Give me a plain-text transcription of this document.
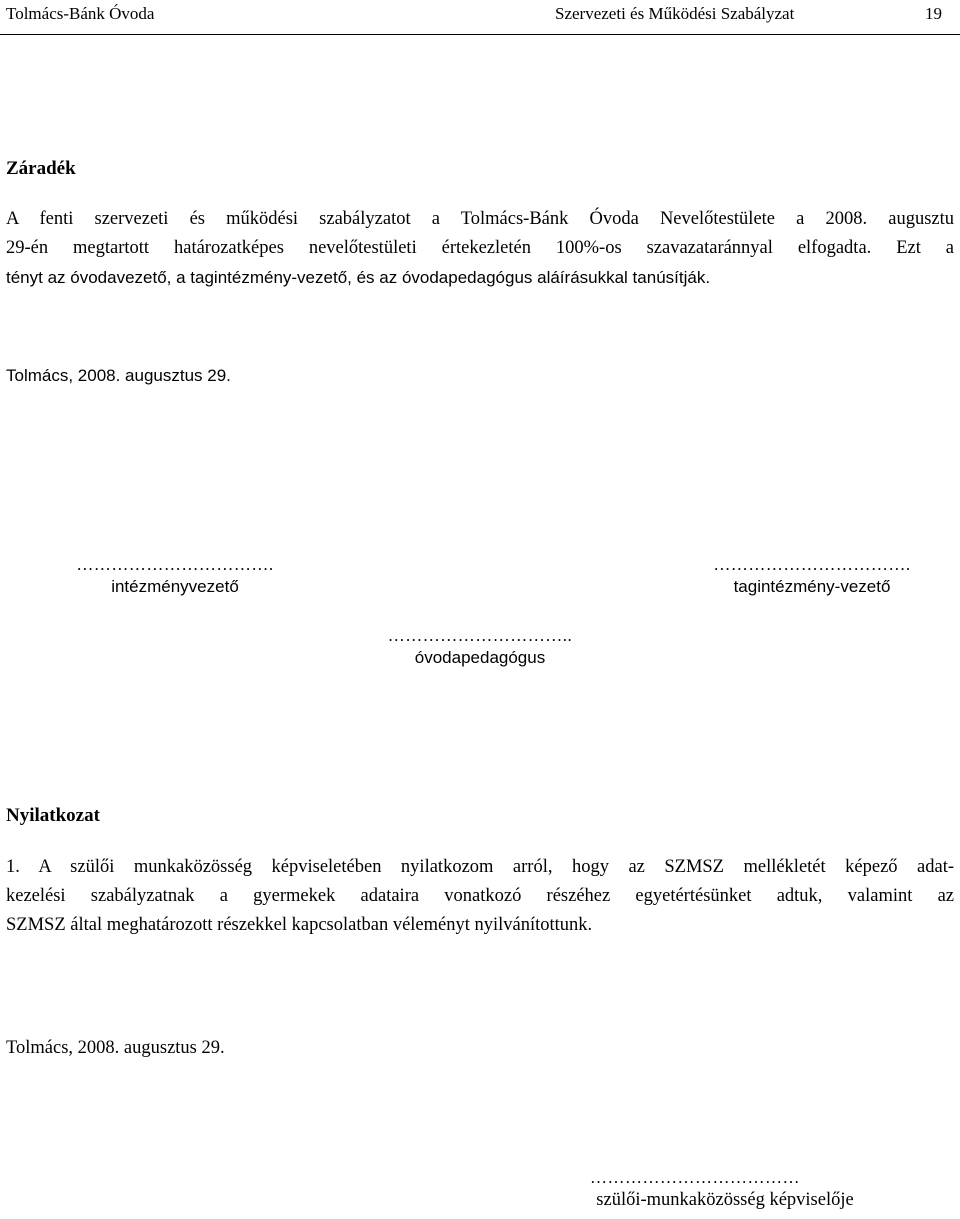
Tolmács-Bánk Óvoda	Szervezeti és Működési Szabályzat	19
Záradék
A fenti szervezeti és működési szabályzatot a Tolmács-Bánk Óvoda Nevelőtestülete a 2008. augusztu
29-én megtartott határozatképes nevelőtestületi értekezletén 100%-os szavazataránnyal elfogadta. Ezt a
tényt az óvodavezető, a tagintézmény-vezető, és az óvodapedagógus aláírásukkal tanúsítják.
Tolmács, 2008. augusztus 29.
…………………………….
intézményvezető
…………………………….
tagintézmény-vezető
…………………………..
óvodapedagógus
Nyilatkozat
1. A szülői munkaközösség képviseletében nyilatkozom arról, hogy az SZMSZ mellékletét képező adat-
kezelési szabályzatnak a gyermekek adataira vonatkozó részéhez egyetértésünket adtuk, valamint az
SZMSZ által meghatározott részekkel kapcsolatban véleményt nyilvánítottunk.
Tolmács, 2008. augusztus 29.
………………………………
szülői-munkaközösség képviselője
